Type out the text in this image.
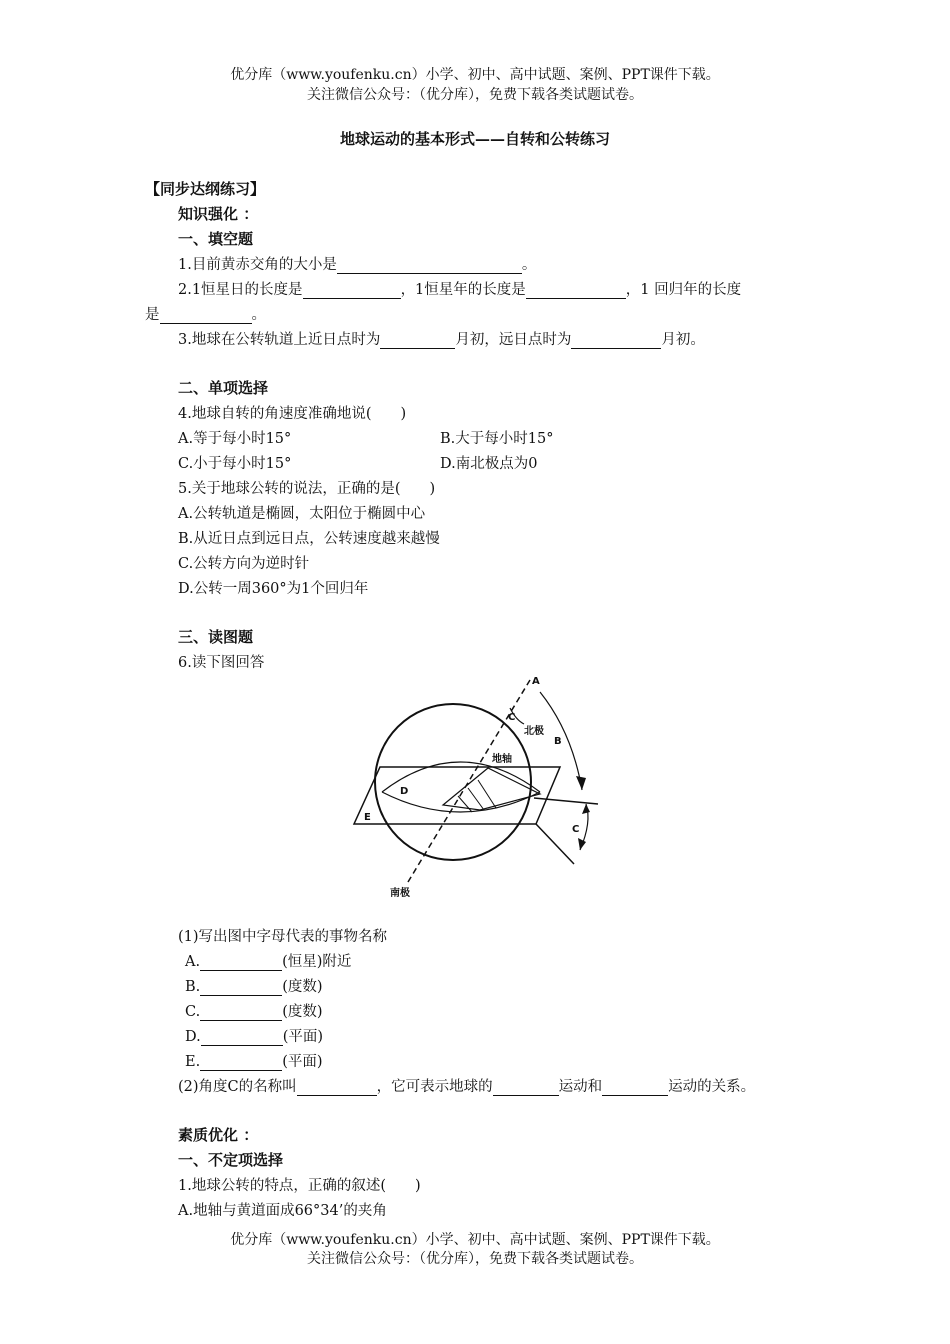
优分库（www.youfenku.cn）小学、初中、高中试题、案例、PPT课件下载。
关注微信公众号：（优分库），免费下载各类试题试卷。
地球运动的基本形式——自转和公转练习
【同步达纲练习】
知识强化 ：
一、填空题
1.目前黄赤交角的大小是	。
2.1恒星日的长度是	，1恒星年的长度是	，1 回归年的长度
是	。
3.地球在公转轨道上近日点时为	月初，远日点时为	月初。
二、单项选择
4.地球自转的角速度准确地说(　　)
A.等于每小时15°	B.大于每小时15°
C.小于每小时15°	D.南北极点为0
5.关于地球公转的说法，正确的是(　　)
A.公转轨道是椭圆，太阳位于椭圆中心
B.从近日点到远日点，公转速度越来越慢
C.公转方向为逆时针
D.公转一周360°为1个回归年
三、读图题
6.读下图回答
A
B
C
北极
地轴
D
E
C
南极
(1)写出图中字母代表的事物名称
A.	(恒星)附近
B.	(度数)
C.	(度数)
D.	(平面)
E.	(平面)
(2)角度C的名称叫	，它可表示地球的	运动和	运动的关系。
素质优化 ：
一、不定项选择
1.地球公转的特点，正确的叙述(　　)
A.地轴与黄道面成66°34’的夹角
优分库（www.youfenku.cn）小学、初中、高中试题、案例、PPT课件下载。
关注微信公众号：（优分库），免费下载各类试题试卷。
